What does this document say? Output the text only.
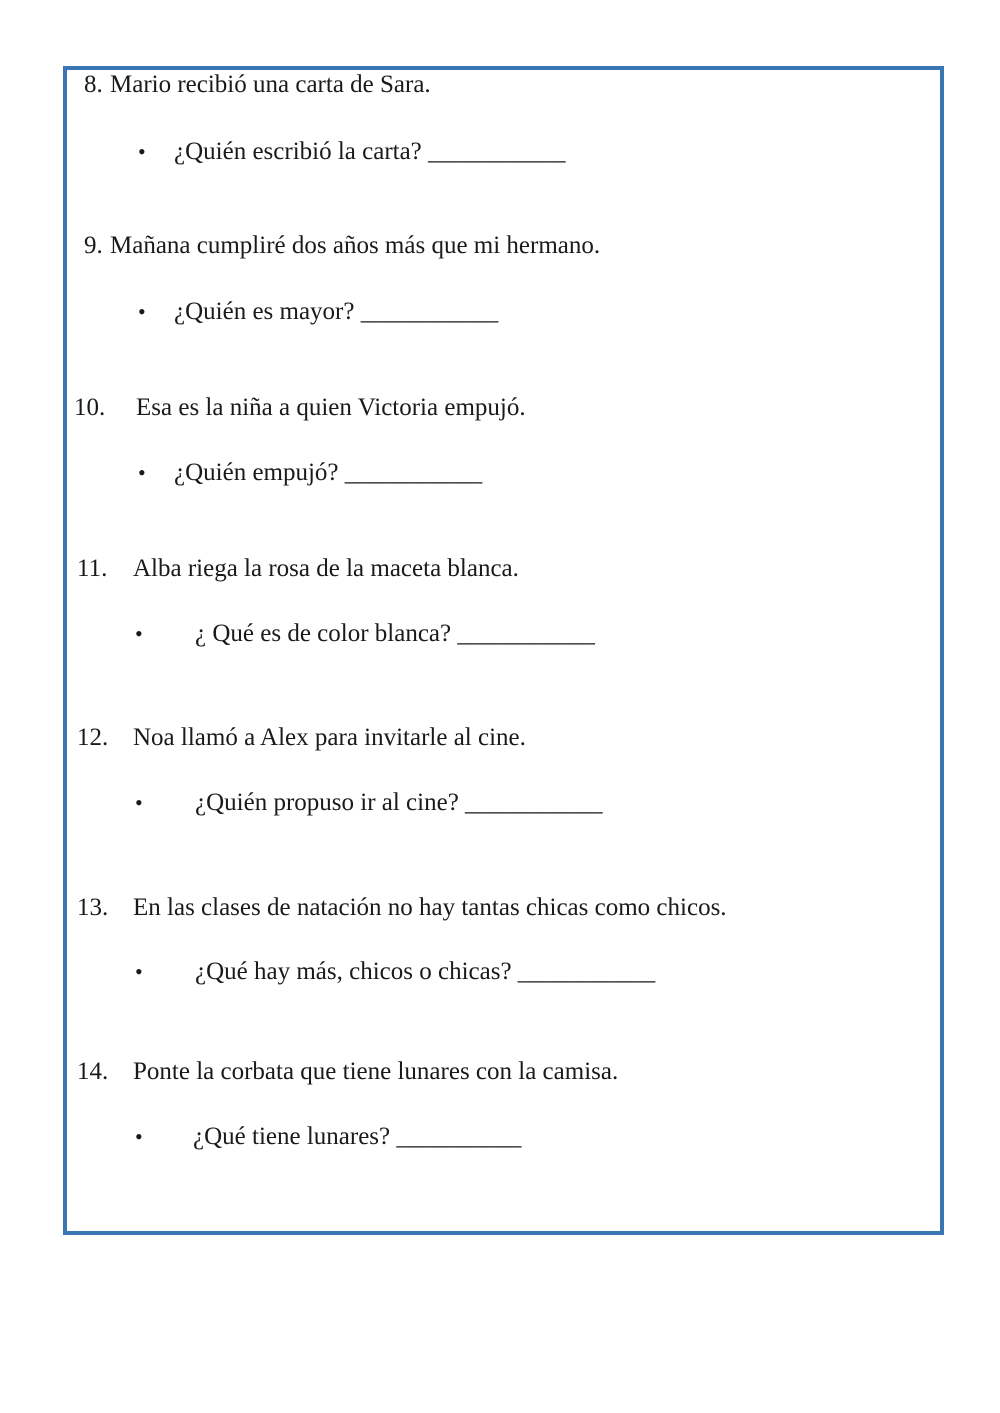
8. Mario recibió una carta de Sara.
• ¿Quién escribió la carta? ___________
9. Mañana cumpliré dos años más que mi hermano.
• ¿Quién es mayor? ___________
10. Esa es la niña a quien Victoria empujó.
• ¿Quién empujó? ___________
11. Alba riega la rosa de la maceta blanca.
• ¿ Qué es de color blanca? ___________
12. Noa llamó a Alex para invitarle al cine.
• ¿Quién propuso ir al cine? ___________
13. En las clases de natación no hay tantas chicas como chicos.
• ¿Qué hay más, chicos o chicas? ___________
14. Ponte la corbata que tiene lunares con la camisa.
• ¿Qué tiene lunares? __________
